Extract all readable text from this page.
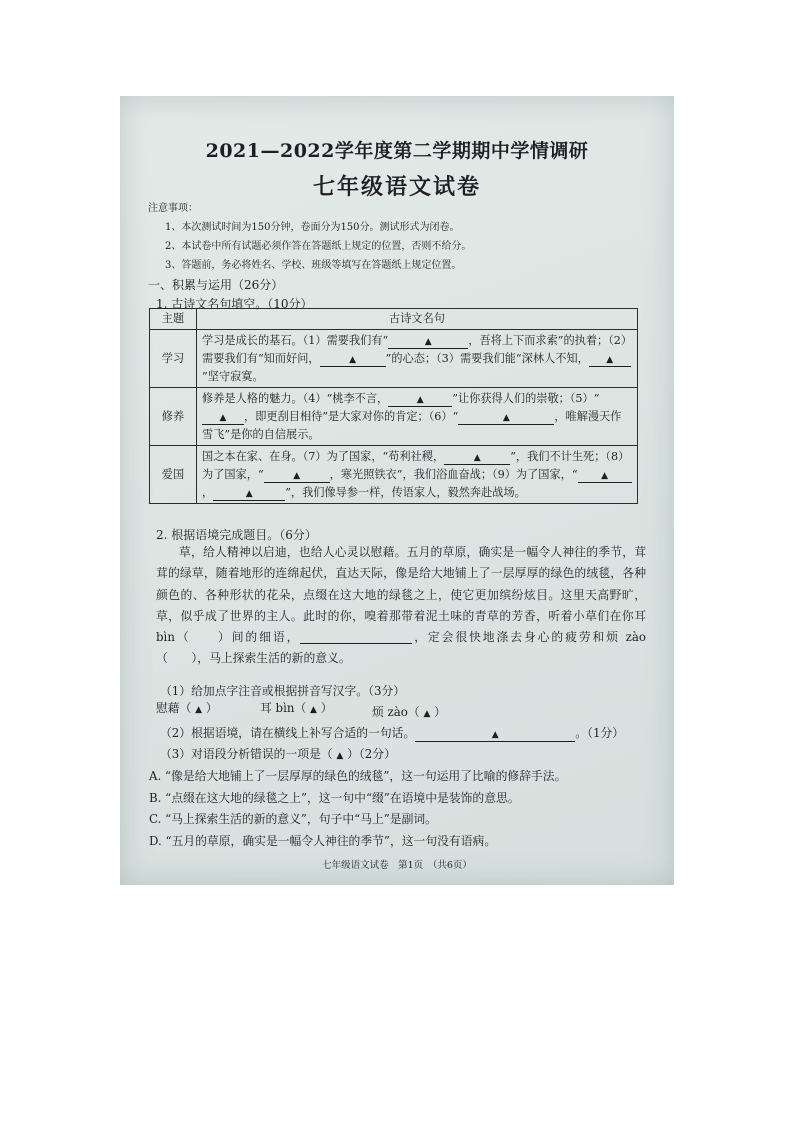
2021—2022学年度第二学期期中学情调研
七年级语文试卷
注意事项：
1、本次测试时间为150分钟，卷面分为150分。测试形式为闭卷。
2、本试卷中所有试题必须作答在答题纸上规定的位置，否则不给分。
3、答题前，务必将姓名、学校、班级等填写在答题纸上规定位置。
一、积累与运用（26分）
1. 古诗文名句填空。（10分）
主题	古诗文名句
学习	学习是成长的基石。（1）需要我们有“ ▲ ，吾将上下而求索”的执着；（2）需要我们有“知而好问， ▲ ”的心态；（3）需要我们能“深林人不知， ▲”坚守寂寞。
修养	修养是人格的魅力。（4）“桃李不言， ▲ ”让你获得人们的崇敬；（5）“▲ ，即更刮目相待”是大家对你的肯定；（6）“ ▲ ，唯解漫天作雪飞”是你的自信展示。
爱国	国之本在家、在身。（7）为了国家，“苟利社稷， ▲ ”，我们不计生死；（8）为了国家，“ ▲ ，寒光照铁衣”，我们浴血奋战；（9）为了国家，“ ▲， ▲ ”，我们像导参一样，传语家人，毅然奔赴战场。
2. 根据语境完成题目。（6分）
草，给人精神以启迪，也给人心灵以慰藉。五月的草原，确实是一幅令人神往的季节，茸茸的绿草，随着地形的连绵起伏，直达天际，像是给大地铺上了一层厚厚的绿色的绒毯，各种颜色的、各种形状的花朵，点缀在这大地的绿毯之上，使它更加缤纷炫目。这里天高野旷，草，似乎成了世界的主人。此时的你，嗅着那带着泥土味的青草的芳香，听着小草们在你耳 bìn（　　）间的细语，	，定会很快地涤去身心的疲劳和烦 zào（　　），马上探索生活的新的意义。
（1）给加点字注音或根据拼音写汉字。（3分）
慰藉（ ▲ ）	耳 bìn（ ▲ ）	烦 zào（ ▲ ）
（2）根据语境，请在横线上补写合适的一句话。	▲	。（1分）
（3）对语段分析错误的一项是（ ▲ ）（2分）
A. “像是给大地铺上了一层厚厚的绿色的绒毯”，这一句运用了比喻的修辞手法。
B. “点缀在这大地的绿毯之上”，这一句中“缀”在语境中是装饰的意思。
C. “马上探索生活的新的意义”，句子中“马上”是副词。
D. “五月的草原，确实是一幅令人神往的季节”，这一句没有语病。
七年级语文试卷　第1页　（共6页）
